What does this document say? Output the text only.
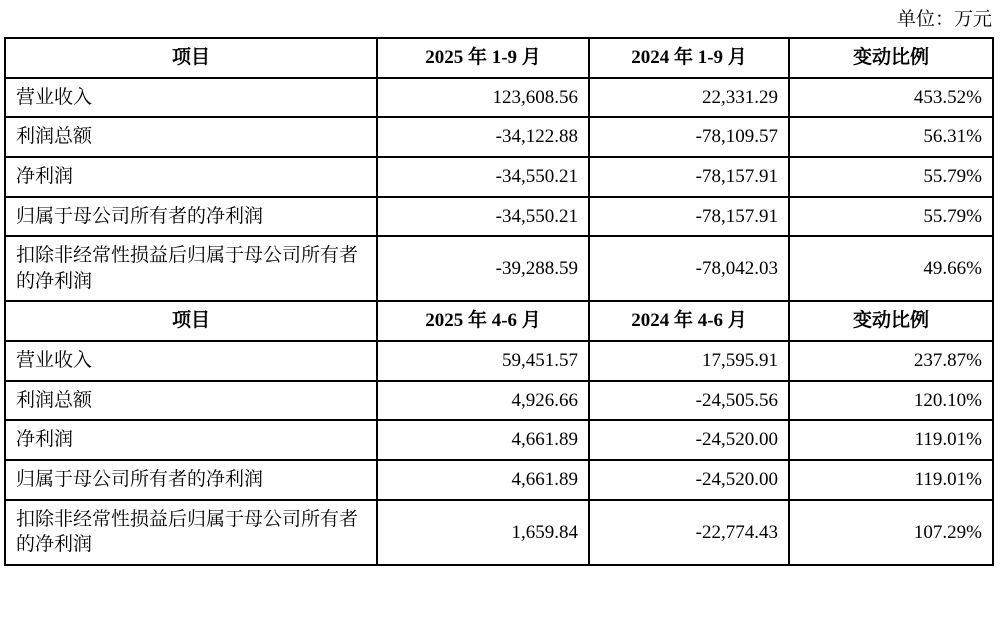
单位：万元
项目	2025 年 1-9 月	2024 年 1-9 月	变动比例
营业收入	123,608.56	22,331.29	453.52%
利润总额	-34,122.88	-78,109.57	56.31%
净利润	-34,550.21	-78,157.91	55.79%
归属于母公司所有者的净利润	-34,550.21	-78,157.91	55.79%
扣除非经常性损益后归属于母公司所有者的净利润	-39,288.59	-78,042.03	49.66%
项目	2025 年 4-6 月	2024 年 4-6 月	变动比例
营业收入	59,451.57	17,595.91	237.87%
利润总额	4,926.66	-24,505.56	120.10%
净利润	4,661.89	-24,520.00	119.01%
归属于母公司所有者的净利润	4,661.89	-24,520.00	119.01%
扣除非经常性损益后归属于母公司所有者的净利润	1,659.84	-22,774.43	107.29%
